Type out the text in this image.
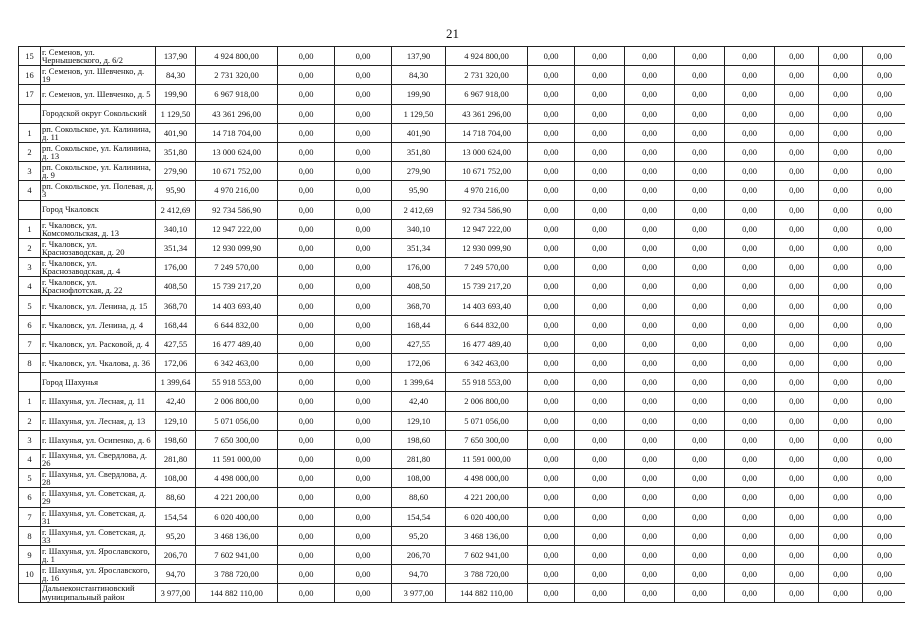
21
15	г. Семенов, ул. Чернышевского, д. 6/2	137,90	4 924 800,00	0,00	0,00	137,90	4 924 800,00	0,00	0,00	0,00	0,00	0,00	0,00	0,00	0,00
16	г. Семенов, ул. Шевченко, д. 19	84,30	2 731 320,00	0,00	0,00	84,30	2 731 320,00	0,00	0,00	0,00	0,00	0,00	0,00	0,00	0,00
17	г. Семенов, ул. Шевченко, д. 5	199,90	6 967 918,00	0,00	0,00	199,90	6 967 918,00	0,00	0,00	0,00	0,00	0,00	0,00	0,00	0,00
	Городской округ Сокольский	1 129,50	43 361 296,00	0,00	0,00	1 129,50	43 361 296,00	0,00	0,00	0,00	0,00	0,00	0,00	0,00	0,00
1	рп. Сокольское, ул. Калинина, д. 11	401,90	14 718 704,00	0,00	0,00	401,90	14 718 704,00	0,00	0,00	0,00	0,00	0,00	0,00	0,00	0,00
2	рп. Сокольское, ул. Калинина, д. 13	351,80	13 000 624,00	0,00	0,00	351,80	13 000 624,00	0,00	0,00	0,00	0,00	0,00	0,00	0,00	0,00
3	рп. Сокольское, ул. Калинина, д. 9	279,90	10 671 752,00	0,00	0,00	279,90	10 671 752,00	0,00	0,00	0,00	0,00	0,00	0,00	0,00	0,00
4	рп. Сокольское, ул. Полевая, д. 3	95,90	4 970 216,00	0,00	0,00	95,90	4 970 216,00	0,00	0,00	0,00	0,00	0,00	0,00	0,00	0,00
	Город Чкаловск	2 412,69	92 734 586,90	0,00	0,00	2 412,69	92 734 586,90	0,00	0,00	0,00	0,00	0,00	0,00	0,00	0,00
1	г. Чкаловск, ул. Комсомольская, д. 13	340,10	12 947 222,00	0,00	0,00	340,10	12 947 222,00	0,00	0,00	0,00	0,00	0,00	0,00	0,00	0,00
2	г. Чкаловск, ул. Краснозаводская, д. 20	351,34	12 930 099,90	0,00	0,00	351,34	12 930 099,90	0,00	0,00	0,00	0,00	0,00	0,00	0,00	0,00
3	г. Чкаловск, ул. Краснозаводская, д. 4	176,00	7 249 570,00	0,00	0,00	176,00	7 249 570,00	0,00	0,00	0,00	0,00	0,00	0,00	0,00	0,00
4	г. Чкаловск, ул. Краснофлотская, д. 22	408,50	15 739 217,20	0,00	0,00	408,50	15 739 217,20	0,00	0,00	0,00	0,00	0,00	0,00	0,00	0,00
5	г. Чкаловск, ул. Ленина, д. 15	368,70	14 403 693,40	0,00	0,00	368,70	14 403 693,40	0,00	0,00	0,00	0,00	0,00	0,00	0,00	0,00
6	г. Чкаловск, ул. Ленина, д. 4	168,44	6 644 832,00	0,00	0,00	168,44	6 644 832,00	0,00	0,00	0,00	0,00	0,00	0,00	0,00	0,00
7	г. Чкаловск, ул. Расковой, д. 4	427,55	16 477 489,40	0,00	0,00	427,55	16 477 489,40	0,00	0,00	0,00	0,00	0,00	0,00	0,00	0,00
8	г. Чкаловск, ул. Чкалова, д. 36	172,06	6 342 463,00	0,00	0,00	172,06	6 342 463,00	0,00	0,00	0,00	0,00	0,00	0,00	0,00	0,00
	Город Шахунья	1 399,64	55 918 553,00	0,00	0,00	1 399,64	55 918 553,00	0,00	0,00	0,00	0,00	0,00	0,00	0,00	0,00
1	г. Шахунья, ул. Лесная, д. 11	42,40	2 006 800,00	0,00	0,00	42,40	2 006 800,00	0,00	0,00	0,00	0,00	0,00	0,00	0,00	0,00
2	г. Шахунья, ул. Лесная, д. 13	129,10	5 071 056,00	0,00	0,00	129,10	5 071 056,00	0,00	0,00	0,00	0,00	0,00	0,00	0,00	0,00
3	г. Шахунья, ул. Осипенко, д. 6	198,60	7 650 300,00	0,00	0,00	198,60	7 650 300,00	0,00	0,00	0,00	0,00	0,00	0,00	0,00	0,00
4	г. Шахунья, ул. Свердлова, д. 26	281,80	11 591 000,00	0,00	0,00	281,80	11 591 000,00	0,00	0,00	0,00	0,00	0,00	0,00	0,00	0,00
5	г. Шахунья, ул. Свердлова, д. 28	108,00	4 498 000,00	0,00	0,00	108,00	4 498 000,00	0,00	0,00	0,00	0,00	0,00	0,00	0,00	0,00
6	г. Шахунья, ул. Советская, д. 29	88,60	4 221 200,00	0,00	0,00	88,60	4 221 200,00	0,00	0,00	0,00	0,00	0,00	0,00	0,00	0,00
7	г. Шахунья, ул. Советская, д. 31	154,54	6 020 400,00	0,00	0,00	154,54	6 020 400,00	0,00	0,00	0,00	0,00	0,00	0,00	0,00	0,00
8	г. Шахунья, ул. Советская, д. 33	95,20	3 468 136,00	0,00	0,00	95,20	3 468 136,00	0,00	0,00	0,00	0,00	0,00	0,00	0,00	0,00
9	г. Шахунья, ул. Ярославского, д. 1	206,70	7 602 941,00	0,00	0,00	206,70	7 602 941,00	0,00	0,00	0,00	0,00	0,00	0,00	0,00	0,00
10	г. Шахунья, ул. Ярославского, д. 16	94,70	3 788 720,00	0,00	0,00	94,70	3 788 720,00	0,00	0,00	0,00	0,00	0,00	0,00	0,00	0,00
	Дальнеконстантиновский муниципальный район	3 977,00	144 882 110,00	0,00	0,00	3 977,00	144 882 110,00	0,00	0,00	0,00	0,00	0,00	0,00	0,00	0,00
